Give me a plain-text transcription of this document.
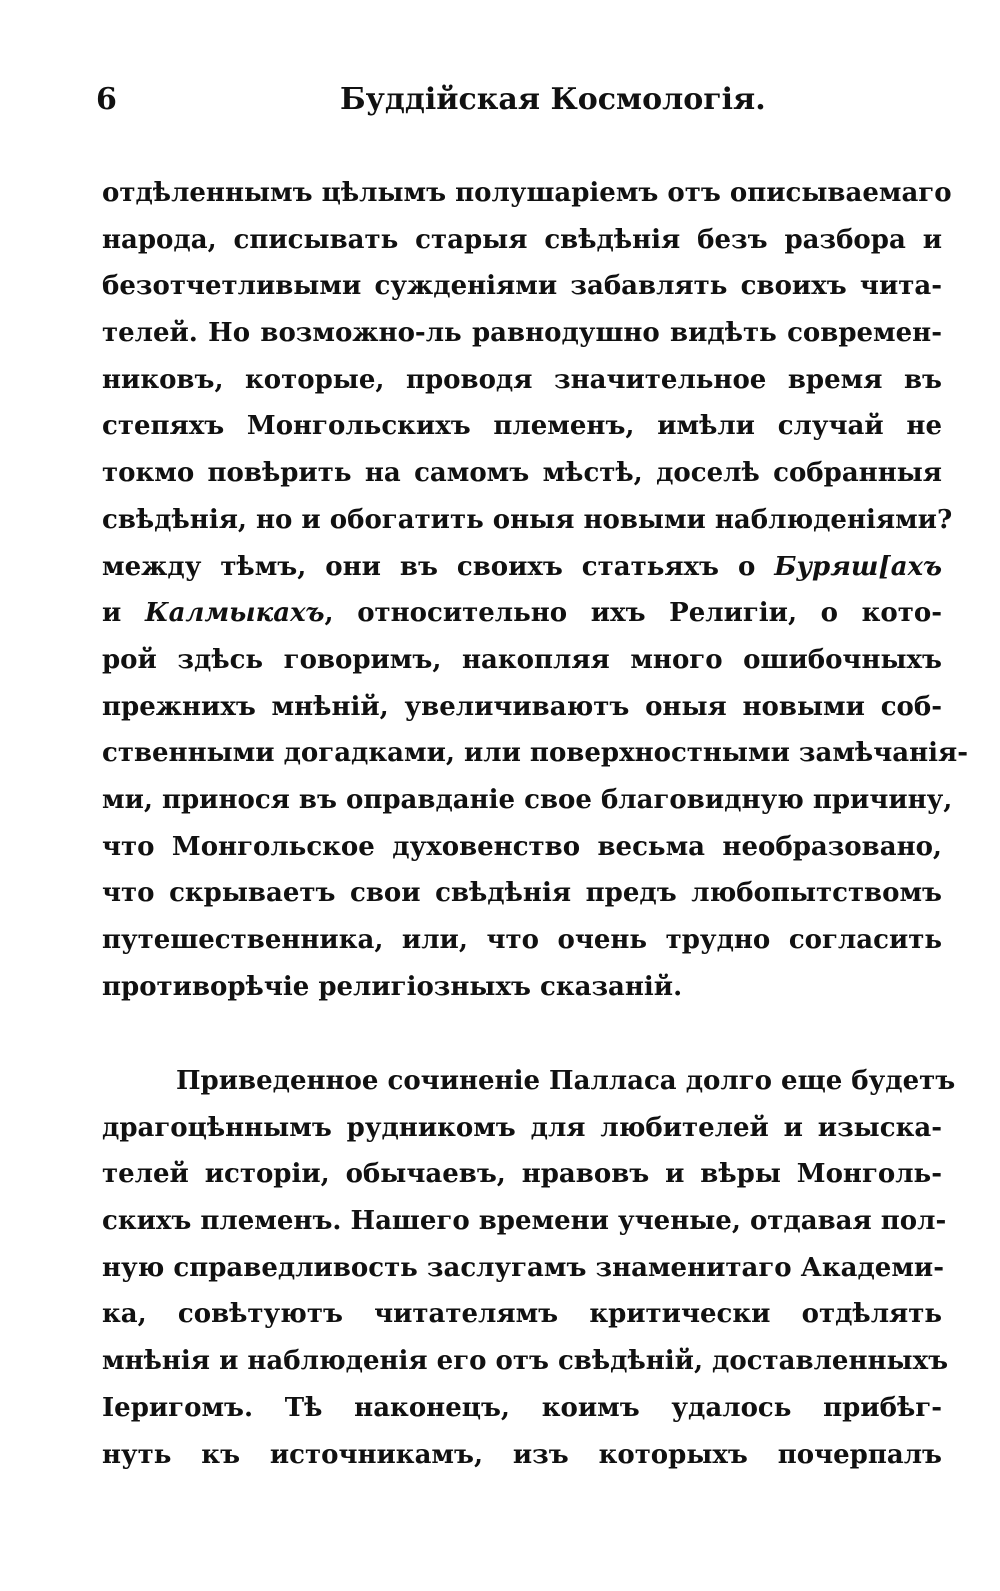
6	Буддійская Космологія.
отдѣленнымъ цѣлымъ полушаріемъ отъ описываемаго
народа, списывать старыя свѣдѣнія безъ разбора и
безотчетливыми сужденіями забавлять своихъ чита-
телей. Но возможно-ль равнодушно видѣть современ-
никовъ, которые, проводя значительное время въ
степяхъ Монгольскихъ племенъ, имѣли случай не
токмо повѣрить на самомъ мѣстѣ, доселѣ собранныя
свѣдѣнія, но и обогатить оныя новыми наблюденіями?
между тѣмъ, они въ своихъ статьяхъ о Буряш[ахъ
и Калмыкахъ, относительно ихъ Религіи, о кото-
рой здѣсь говоримъ, накопляя много ошибочныхъ
прежнихъ мнѣній, увеличиваютъ оныя новыми соб-
ственными догадками, или поверхностными замѣчанія-
ми, принося въ оправданіе свое благовидную причину,
что Монгольское духовенство весьма необразовано,
что скрываетъ свои свѣдѣнія предъ любопытствомъ
путешественника, или, что очень трудно согласить
противорѣчіе религіозныхъ сказаній.
Приведенное сочиненіе Палласа долго еще будетъ
драгоцѣннымъ рудникомъ для любителей и изыска-
телей исторіи, обычаевъ, нравовъ и вѣры Монголь-
скихъ племенъ. Нашего времени ученые, отдавая пол-
ную справедливость заслугамъ знаменитаго Академи-
ка, совѣтуютъ читателямъ критически отдѣлять
мнѣнія и наблюденія его отъ свѣдѣній, доставленныхъ
Іеригомъ. Тѣ наконецъ, коимъ удалось прибѣг-
нуть къ источникамъ, изъ которыхъ почерпалъ
